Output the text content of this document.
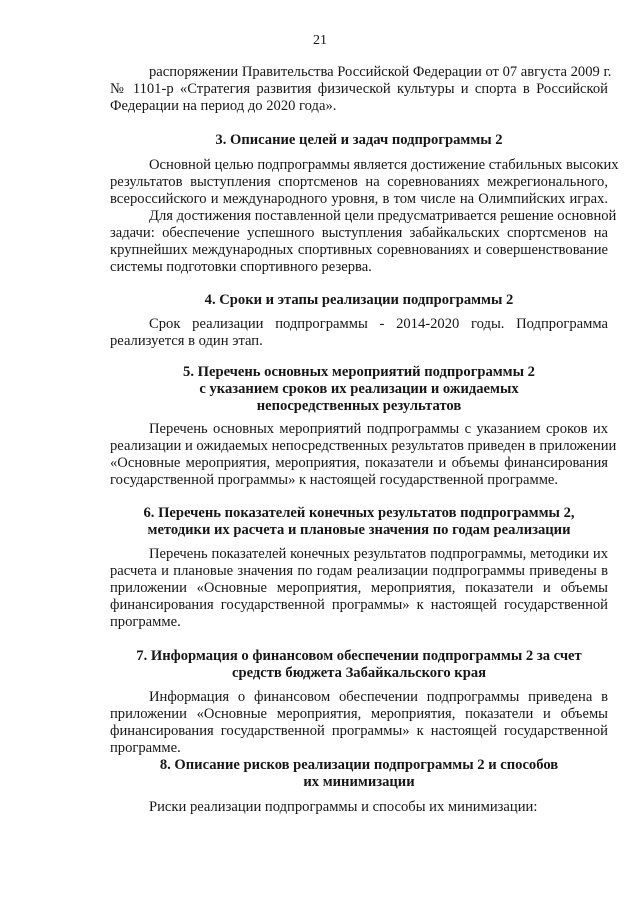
21
распоряжении Правительства Российской Федерации от 07 августа 2009 г.
№ 1101-р «Стратегия развития физической культуры и спорта в Российской
Федерации на период до 2020 года».
3. Описание целей и задач подпрограммы 2
Основной целью подпрограммы является достижение стабильных высоких
результатов выступления спортсменов на соревнованиях межрегионального,
всероссийского и международного уровня, в том числе на Олимпийских играх.
Для достижения поставленной цели предусматривается решение основной
задачи: обеспечение успешного выступления забайкальских спортсменов на
крупнейших международных спортивных соревнованиях и совершенствование
системы подготовки спортивного резерва.
4. Сроки и этапы реализации подпрограммы 2
Срок реализации подпрограммы - 2014-2020 годы. Подпрограмма
реализуется в один этап.
5. Перечень основных мероприятий подпрограммы 2
с указанием сроков их реализации и ожидаемых
непосредственных результатов
Перечень основных мероприятий подпрограммы с указанием сроков их
реализации и ожидаемых непосредственных результатов приведен в приложении
«Основные мероприятия, мероприятия, показатели и объемы финансирования
государственной программы» к настоящей государственной программе.
6. Перечень показателей конечных результатов подпрограммы 2,
методики их расчета и плановые значения по годам реализации
Перечень показателей конечных результатов подпрограммы, методики их
расчета и плановые значения по годам реализации подпрограммы приведены в
приложении «Основные мероприятия, мероприятия, показатели и объемы
финансирования государственной программы» к настоящей государственной
программе.
7. Информация о финансовом обеспечении подпрограммы 2 за счет
средств бюджета Забайкальского края
Информация о финансовом обеспечении подпрограммы приведена в
приложении «Основные мероприятия, мероприятия, показатели и объемы
финансирования государственной программы» к настоящей государственной
программе.
8. Описание рисков реализации подпрограммы 2 и способов
их минимизации
Риски реализации подпрограммы и способы их минимизации:
